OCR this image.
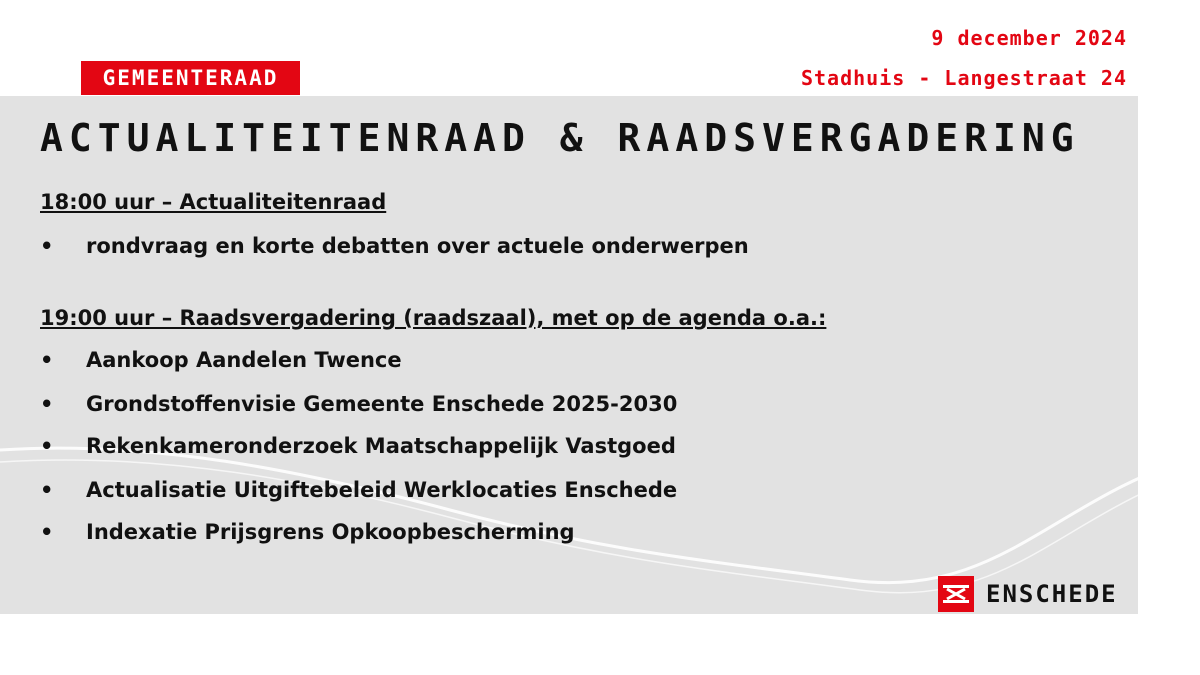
9 december 2024
Stadhuis - Langestraat 24
GEMEENTERAAD
ACTUALITEITENRAAD & RAADSVERGADERING
18:00 uur – Actualiteitenraad
• rondvraag en korte debatten over actuele onderwerpen
19:00 uur – Raadsvergadering (raadszaal), met op de agenda o.a.:
• Aankoop Aandelen Twence
• Grondstoffenvisie Gemeente Enschede 2025-2030
• Rekenkameronderzoek Maatschappelijk Vastgoed
• Actualisatie Uitgiftebeleid Werklocaties Enschede
• Indexatie Prijsgrens Opkoopbescherming
ENSCHEDE
